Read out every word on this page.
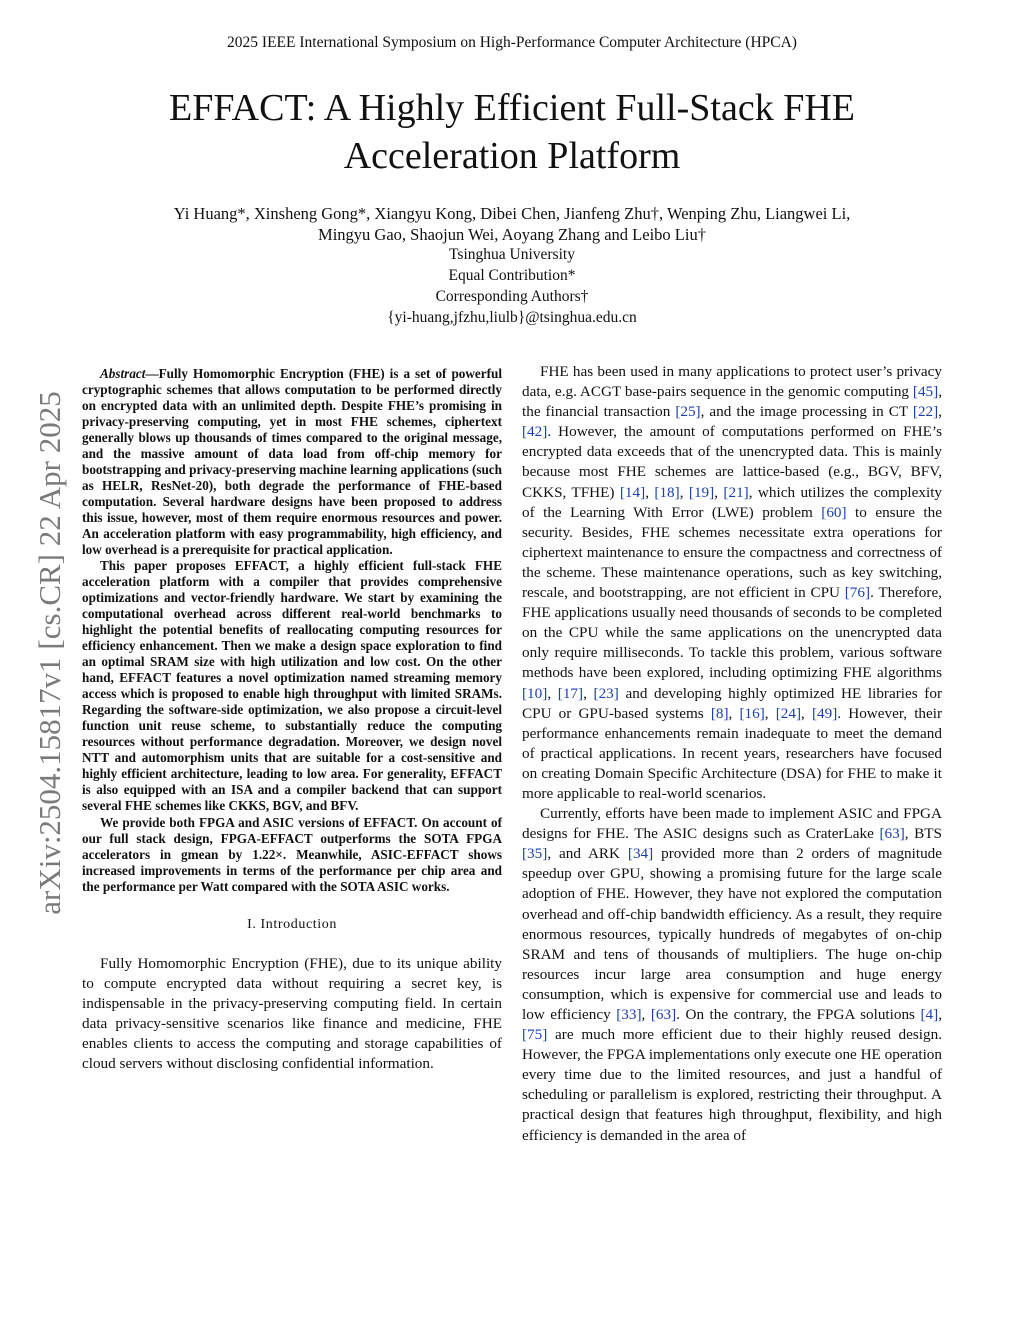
2025 IEEE International Symposium on High-Performance Computer Architecture (HPCA)
EFFACT: A Highly Efficient Full-Stack FHE
Acceleration Platform
Yi Huang*, Xinsheng Gong*, Xiangyu Kong, Dibei Chen, Jianfeng Zhu†, Wenping Zhu, Liangwei Li,
Mingyu Gao, Shaojun Wei, Aoyang Zhang and Leibo Liu†
Tsinghua University
Equal Contribution*
Corresponding Authors†
{yi-huang,jfzhu,liulb}@tsinghua.edu.cn
arXiv:2504.15817v1 [cs.CR] 22 Apr 2025

Abstract—Fully Homomorphic Encryption (FHE) is a set of powerful cryptographic schemes that allows computation to be performed directly on encrypted data with an unlimited depth. Despite FHE’s promising in privacy-preserving computing, yet in most FHE schemes, ciphertext generally blows up thousands of times compared to the original message, and the massive amount of data load from off-chip memory for bootstrapping and privacy-preserving machine learning applications (such as HELR, ResNet-20), both degrade the performance of FHE-based computation. Several hardware designs have been proposed to address this issue, however, most of them require enormous resources and power. An acceleration platform with easy programmability, high efficiency, and low overhead is a prerequisite for practical application.

This paper proposes EFFACT, a highly efficient full-stack FHE acceleration platform with a compiler that provides comprehensive optimizations and vector-friendly hardware. We start by examining the computational overhead across different real-world benchmarks to highlight the potential benefits of reallocating computing resources for efficiency enhancement. Then we make a design space exploration to find an optimal SRAM size with high utilization and low cost. On the other hand, EFFACT features a novel optimization named streaming memory access which is proposed to enable high throughput with limited SRAMs. Regarding the software-side optimization, we also propose a circuit-level function unit reuse scheme, to substantially reduce the computing resources without performance degradation. Moreover, we design novel NTT and automorphism units that are suitable for a cost-sensitive and highly efficient architecture, leading to low area. For generality, EFFACT is also equipped with an ISA and a compiler backend that can support several FHE schemes like CKKS, BGV, and BFV.

We provide both FPGA and ASIC versions of EFFACT. On account of our full stack design, FPGA-EFFACT outperforms the SOTA FPGA accelerators in gmean by 1.22×. Meanwhile, ASIC-EFFACT shows increased improvements in terms of the performance per chip area and the performance per Watt compared with the SOTA ASIC works.

I. Introduction

Fully Homomorphic Encryption (FHE), due to its unique ability to compute encrypted data without requiring a secret key, is indispensable in the privacy-preserving computing field. In certain data privacy-sensitive scenarios like finance and medicine, FHE enables clients to access the computing and storage capabilities of cloud servers without disclosing confidential information.

FHE has been used in many applications to protect user’s privacy data, e.g. ACGT base-pairs sequence in the genomic computing [45], the financial transaction [25], and the image processing in CT [22], [42]. However, the amount of computations performed on FHE’s encrypted data exceeds that of the unencrypted data. This is mainly because most FHE schemes are lattice-based (e.g., BGV, BFV, CKKS, TFHE) [14], [18], [19], [21], which utilizes the complexity of the Learning With Error (LWE) problem [60] to ensure the security. Besides, FHE schemes necessitate extra operations for ciphertext maintenance to ensure the compactness and correctness of the scheme. These maintenance operations, such as key switching, rescale, and bootstrapping, are not efficient in CPU [76]. Therefore, FHE applications usually need thousands of seconds to be completed on the CPU while the same applications on the unencrypted data only require milliseconds. To tackle this problem, various software methods have been explored, including optimizing FHE algorithms [10], [17], [23] and developing highly optimized HE libraries for CPU or GPU-based systems [8], [16], [24], [49]. However, their performance enhancements remain inadequate to meet the demand of practical applications. In recent years, researchers have focused on creating Domain Specific Architecture (DSA) for FHE to make it more applicable to real-world scenarios.

Currently, efforts have been made to implement ASIC and FPGA designs for FHE. The ASIC designs such as CraterLake [63], BTS [35], and ARK [34] provided more than 2 orders of magnitude speedup over GPU, showing a promising future for the large scale adoption of FHE. However, they have not explored the computation overhead and off-chip bandwidth efficiency. As a result, they require enormous resources, typically hundreds of megabytes of on-chip SRAM and tens of thousands of multipliers. The huge on-chip resources incur large area consumption and huge energy consumption, which is expensive for commercial use and leads to low efficiency [33], [63]. On the contrary, the FPGA solutions [4], [75] are much more efficient due to their highly reused design. However, the FPGA implementations only execute one HE operation every time due to the limited resources, and just a handful of scheduling or parallelism is explored, restricting their throughput. A practical design that features high throughput, flexibility, and high efficiency is demanded in the area of
